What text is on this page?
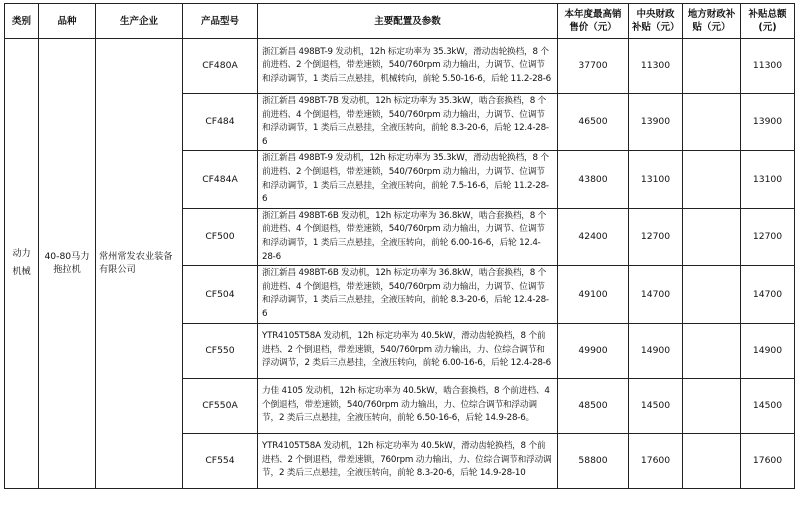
类别	品种	生产企业	产品型号	主要配置及参数	本年度最高销售价（元）	中央财政补贴（元）	地方财政补贴（元）	补贴总额(元)
动力机械	40-80马力拖拉机	常州常发农业装备有限公司	CF480A	浙江新昌 498BT-9 发动机，12h 标定功率为 35.3kW，滑动齿轮换档，8 个前进档、2 个倒退档，带差速锁，540/760rpm 动力输出，力调节、位调节和浮动调节，1 类后三点悬挂，机械转向，前轮 5.50-16-6，后轮 11.2-28-6	37700	11300		11300
			CF484	浙江新昌 498BT-7B 发动机，12h 标定功率为 35.3kW，啮合套换档，8 个前进档、4 个倒退档，带差速锁，540/760rpm 动力输出，力调节、位调节和浮动调节，1 类后三点悬挂，全液压转向，前轮 8.3-20-6，后轮 12.4-28-6	46500	13900		13900
			CF484A	浙江新昌 498BT-9 发动机，12h 标定功率为 35.3kW，滑动齿轮换档，8 个前进档、2 个倒退档，带差速锁，540/760rpm 动力输出，力调节、位调节和浮动调节，1 类后三点悬挂，全液压转向，前轮 7.5-16-6，后轮 11.2-28-6	43800	13100		13100
			CF500	浙江新昌 498BT-6B 发动机，12h 标定功率为 36.8kW，啮合套换档，8 个前进档、4 个倒退档，带差速锁，540/760rpm 动力输出，力调节、位调节和浮动调节，1 类后三点悬挂，全液压转向，前轮 6.00-16-6，后轮 12.4-28-6	42400	12700		12700
			CF504	浙江新昌 498BT-6B 发动机，12h 标定功率为 36.8kW，啮合套换档，8 个前进档、4 个倒退档，带差速锁，540/760rpm 动力输出，力调节、位调节和浮动调节，1 类后三点悬挂，全液压转向，前轮 8.3-20-6，后轮 12.4-28-6	49100	14700		14700
			CF550	YTR4105T58A 发动机，12h 标定功率为 40.5kW，滑动齿轮换档，8 个前进档、2 个倒退档，带差速锁，540/760rpm 动力输出，力、位综合调节和浮动调节，2 类后三点悬挂，全液压转向，前轮 6.00-16-6，后轮 12.4-28-6	49900	14900		14900
			CF550A	力佳 4105 发动机，12h 标定功率为 40.5kW，啮合套换档，8 个前进档、4 个倒退档，带差速锁，540/760rpm 动力输出，力、位综合调节和浮动调节，2 类后三点悬挂，全液压转向，前轮 6.50-16-6，后轮 14.9-28-6。	48500	14500		14500
			CF554	YTR4105T58A 发动机，12h 标定功率为 40.5kW，滑动齿轮换档，8 个前进档、2 个倒退档，带差速锁，760rpm 动力输出，力、位综合调节和浮动调节，2 类后三点悬挂，全液压转向，前轮 8.3-20-6，后轮 14.9-28-10	58800	17600		17600
